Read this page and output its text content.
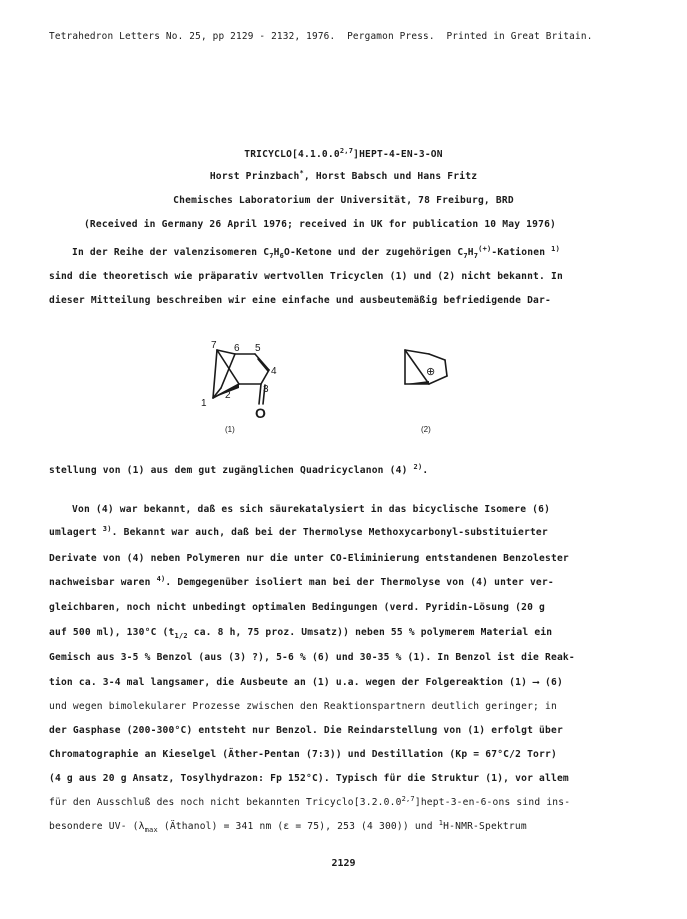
Tetrahedron Letters No. 25, pp 2129 - 2132, 1976. Pergamon Press. Printed in Great Britain.
TRICYCLO[4.1.0.0$^{2,7}$]HEPT-4-EN-3-ON
Horst Prinzbach*, Horst Babsch und Hans Fritz
Chemisches Laboratorium der Universität, 78 Freiburg, BRD
(Received in Germany 26 April 1976; received in UK for publication 10 May 1976)
In der Reihe der valenzisomeren $C_7H_6O$-Ketone und der zugehörigen $C_7H_7^{(+)}$-Kationen $^{1)}$
sind die theoretisch wie präparativ wertvollen Tricyclen (1) und (2) nicht bekannt. In
dieser Mitteilung beschreiben wir eine einfache und ausbeutemäßig befriedigende Dar-
7 6 5
4
3
2
1
O
(1)
⊕
(2)
stellung von (1) aus dem gut zugänglichen Quadricyclanon (4) $^{2)}$.
Von (4) war bekannt, daß es sich säurekatalysiert in das bicyclische Isomere (6)
umlagert $^{3)}$. Bekannt war auch, daß bei der Thermolyse Methoxycarbonyl-substituierter
Derivate von (4) neben Polymeren nur die unter CO-Eliminierung entstandenen Benzolester
nachweisbar waren $^{4)}$. Demgegenüber isoliert man bei der Thermolyse von (4) unter ver-
gleichbaren, noch nicht unbedingt optimalen Bedingungen (verd. Pyridin-Lösung (20 g
auf 500 ml), 130°C ($t_{1/2}$ ca. 8 h, 75 proz. Umsatz)) neben 55 % polymerem Material ein
Gemisch aus 3-5 % Benzol (aus (3) ?), 5-6 % (6) und 30-35 % (1). In Benzol ist die Reak-
tion ca. 3-4 mal langsamer, die Ausbeute an (1) u.a. wegen der Folgereaktion (1) ⟶ (6)
und wegen bimolekularer Prozesse zwischen den Reaktionspartnern deutlich geringer; in
der Gasphase (200-300°C) entsteht nur Benzol. Die Reindarstellung von (1) erfolgt über
Chromatographie an Kieselgel (Äther-Pentan (7:3)) und Destillation (Kp = 67°C/2 Torr)
(4 g aus 20 g Ansatz, Tosylhydrazon: Fp 152°C). Typisch für die Struktur (1), vor allem
für den Ausschluß des noch nicht bekannten Tricyclo[3.2.0.0$^{2,7}$]hept-3-en-6-ons sind ins-
besondere UV- ($\lambda_{max}$ (Äthanol) = 341 nm (ε = 75), 253 (4 300)) und $^1$H-NMR-Spektrum
2129
